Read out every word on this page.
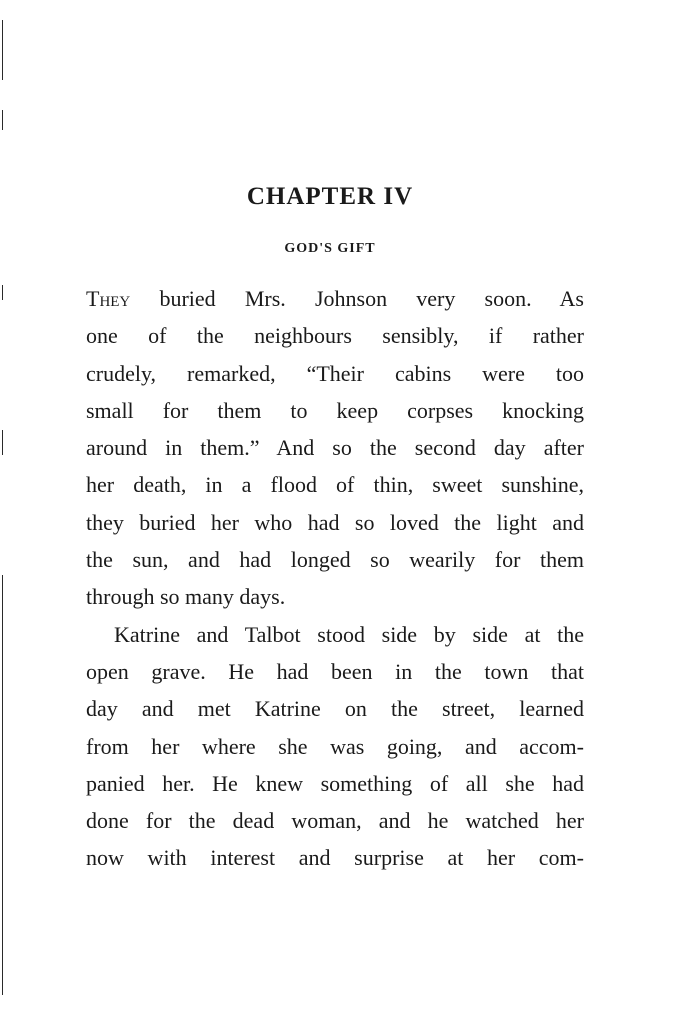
CHAPTER IV
GOD'S GIFT
They buried Mrs. Johnson very soon. As
one of the neighbours sensibly, if rather
crudely, remarked, “Their cabins were too
small for them to keep corpses knocking
around in them.” And so the second day after
her death, in a flood of thin, sweet sunshine,
they buried her who had so loved the light and
the sun, and had longed so wearily for them
through so many days.
Katrine and Talbot stood side by side at the
open grave. He had been in the town that
day and met Katrine on the street, learned
from her where she was going, and accom-
panied her. He knew something of all she had
done for the dead woman, and he watched her
now with interest and surprise at her com-
